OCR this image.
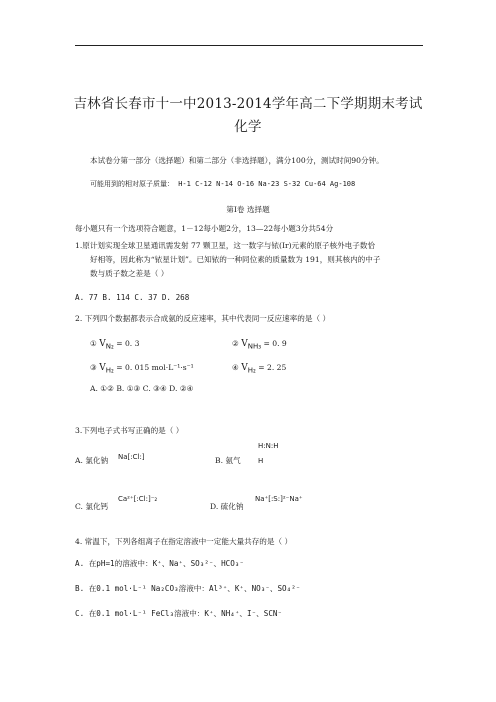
吉林省长春市十一中2013-2014学年高二下学期期末考试
化学
本试卷分第一部分（选择题）和第二部分（非选择题），满分100分，测试时间90分钟。
可能用到的相对原子质量： H-1 C-12 N-14 O-16 Na-23 S-32 Cu-64 Ag-108
第Ⅰ卷 选择题
每小题只有一个选项符合题意，1－12每小题2分，13—22每小题3分共54分
1.原计划实现全球卫星通讯需发射 77 颗卫星，这一数字与铱(Ir)元素的原子核外电子数恰
好相等，因此称为“铱星计划”。已知铱的一种同位素的质量数为 191，则其核内的中子
数与质子数之差是（ ）
A. 77 B. 114 C. 37 D. 268
2. 下列四个数据都表示合成氨的反应速率，其中代表同一反应速率的是（ ）
① $V_{N_2} = 0$. 3	② $V_{NH_3} = 0$. 9
③ $V_{H_2} = 0$. 015 mol·L⁻¹·s⁻¹	④ $V_{H_2} = 2$. 25
A. ①② B. ①③ C. ③④ D. ②④
3.下列电子式书写正确的是（ ）
A. 氯化钠 Na[:Cl:]
H:N:H
B. 氨气 H
C. 氯化钙
Ca²⁺[:Cl:]⁻₂
D. 硫化钠
Na⁺[:S:]²⁻Na⁺
4. 常温下，下列各组离子在指定溶液中一定能大量共存的是（ ）
A. 在pH=1的溶液中：K⁺、Na⁺、SO₃²⁻、HCO₃⁻
B. 在0.1 mol·L⁻¹ Na₂CO₃溶液中：Al³⁺、K⁺、NO₃⁻、SO₄²⁻
C. 在0.1 mol·L⁻¹ FeCl₃溶液中：K⁺、NH₄⁺、I⁻、SCN⁻
